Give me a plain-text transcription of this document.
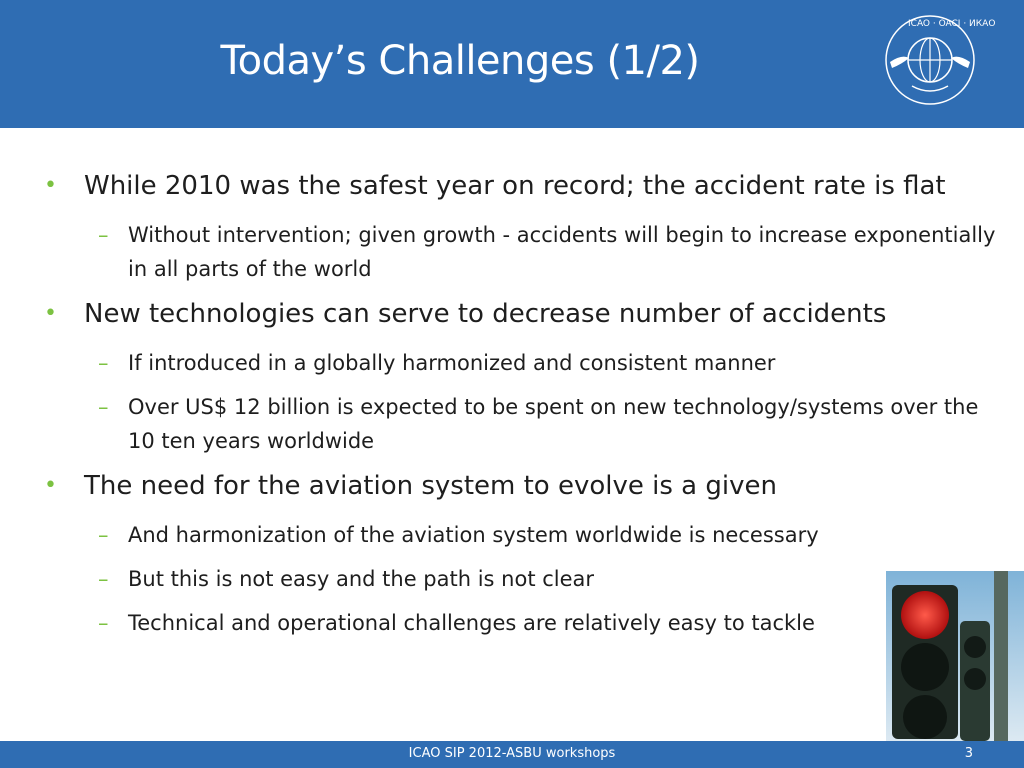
Today’s Challenges (1/2)
ICAO · OACI · ИКАО
• While 2010 was the safest year on record; the accident rate is flat
– Without intervention; given growth - accidents will begin to increase exponentially in all parts of the world
• New technologies can serve to decrease number of accidents
– If introduced in a globally harmonized and consistent manner
– Over US$ 12 billion is expected to be spent on new technology/systems over the 10 ten years worldwide
• The need for the aviation system to evolve is a given
– And harmonization of the aviation system worldwide is necessary
– But this is not easy and the path is not clear
– Technical and operational challenges are relatively easy to tackle
ICAO SIP 2012-ASBU workshops	3
